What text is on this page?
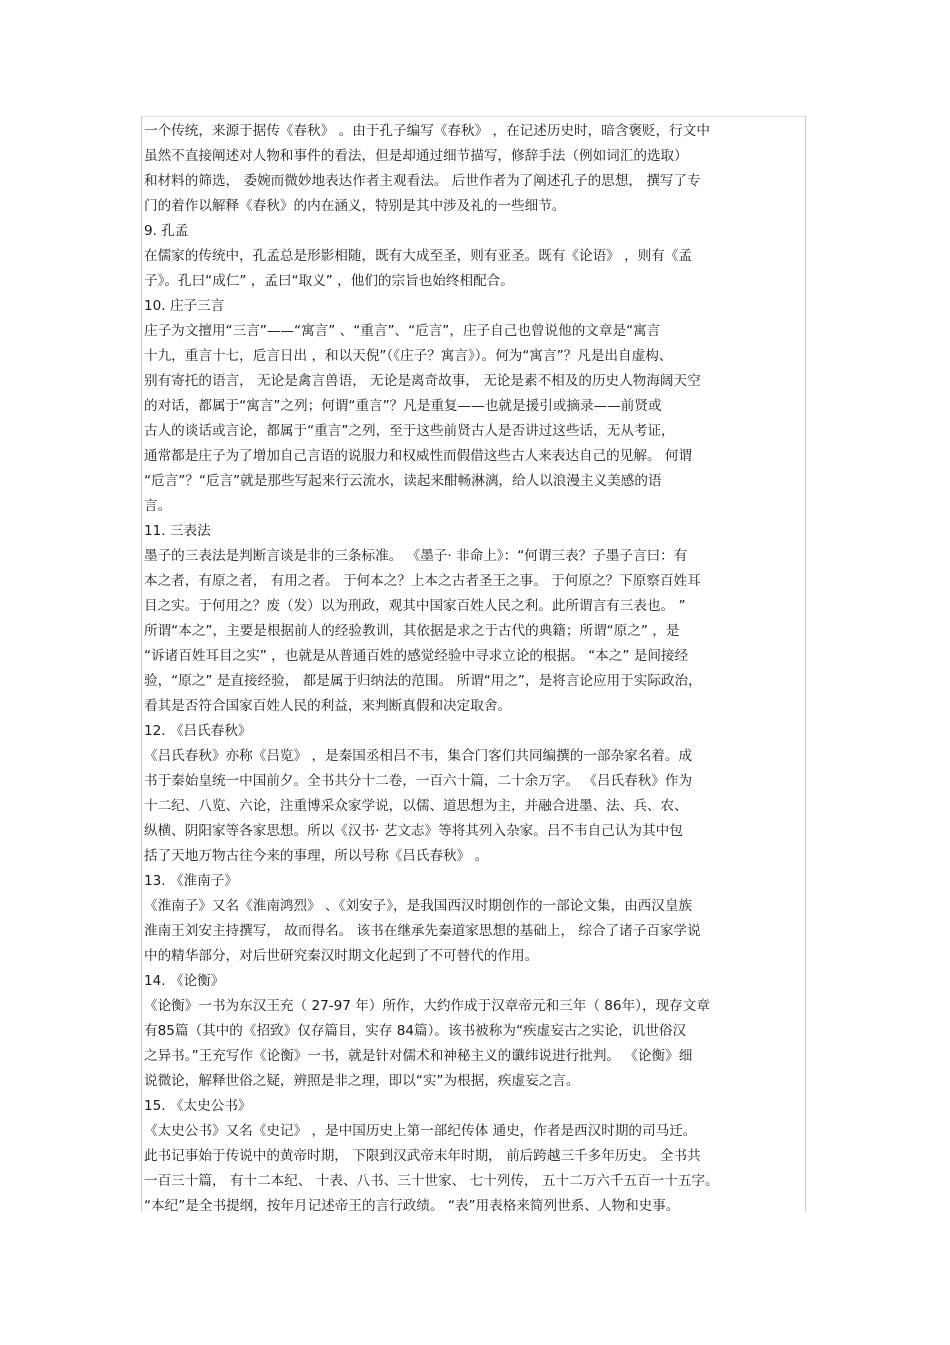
一个传统，来源于据传《春秋》 。由于孔子编写《春秋》 ，在记述历史时，暗含褒贬，行文中
虽然不直接阐述对人物和事件的看法，但是却通过细节描写，修辞手法（例如词汇的选取）
和材料的筛选， 委婉而微妙地表达作者主观看法。 后世作者为了阐述孔子的思想， 撰写了专
门的着作以解释《春秋》的内在涵义，特别是其中涉及礼的一些细节。
9. 孔孟
在儒家的传统中，孔孟总是形影相随，既有大成至圣，则有亚圣。既有《论语》 ，则有《孟
子》。孔曰“成仁” ，孟曰“取义” ，他们的宗旨也始终相配合。
10. 庄子三言
庄子为文擅用“三言”——“寓言” 、“重言”、“卮言”，庄子自己也曾说他的文章是“寓言
十九，重言十七，卮言日出 ，和以天倪”（《庄子？寓言》）。何为“寓言”？凡是出自虚构、
别有寄托的语言， 无论是禽言兽语， 无论是离奇故事， 无论是素不相及的历史人物海阔天空
的对话，都属于“寓言”之列；何谓“重言”？凡是重复——也就是援引或摘录——前贤或
古人的谈话或言论，都属于“重言”之列，至于这些前贤古人是否讲过这些话，无从考证，
通常都是庄子为了增加自己言语的说服力和权威性而假借这些古人来表达自己的见解。 何谓
“卮言”？“卮言”就是那些写起来行云流水，读起来酣畅淋漓，给人以浪漫主义美感的语
言。
11. 三表法
墨子的三表法是判断言谈是非的三条标准。 《墨子· 非命上》：“何谓三表？子墨子言曰：有
本之者，有原之者， 有用之者。 于何本之？上本之古者圣王之事。 于何原之？下原察百姓耳
目之实。于何用之？废（发）以为刑政，观其中国家百姓人民之利。此所谓言有三表也。 ”
所谓“本之”，主要是根据前人的经验教训，其依据是求之于古代的典籍；所谓“原之” ，是
“诉诸百姓耳目之实” ，也就是从普通百姓的感觉经验中寻求立论的根据。 “本之” 是间接经
验，“原之” 是直接经验， 都是属于归纳法的范围。 所谓“用之”，是将言论应用于实际政治，
看其是否符合国家百姓人民的利益，来判断真假和决定取舍。
12. 《吕氏春秋》
《吕氏春秋》亦称《吕览》 ，是秦国丞相吕不韦，集合门客们共同编撰的一部杂家名着。成
书于秦始皇统一中国前夕。全书共分十二卷，一百六十篇，二十余万字。 《吕氏春秋》作为
十二纪、八览、六论，注重博采众家学说，以儒、道思想为主，并融合进墨、法、兵、农、
纵横、阴阳家等各家思想。所以《汉书· 艺文志》等将其列入杂家。吕不韦自己认为其中包
括了天地万物古往今来的事理，所以号称《吕氏春秋》 。
13. 《淮南子》
《淮南子》又名《淮南鸿烈》 、《刘安子》，是我国西汉时期创作的一部论文集，由西汉皇族
淮南王刘安主持撰写， 故而得名。 该书在继承先秦道家思想的基础上， 综合了诸子百家学说
中的精华部分，对后世研究秦汉时期文化起到了不可替代的作用。
14. 《论衡》
《论衡》一书为东汉王充（ 27-97 年）所作，大约作成于汉章帝元和三年（ 86年），现存文章
有85篇（其中的《招致》仅存篇目，实存 84篇）。该书被称为“疾虚妄古之实论，讥世俗汉
之异书。”王充写作《论衡》一书，就是针对儒术和神秘主义的谶纬说进行批判。 《论衡》细
说微论，解释世俗之疑，辨照是非之理，即以“实”为根据，疾虚妄之言。
15. 《太史公书》
《太史公书》又名《史记》 ，是中国历史上第一部纪传体 通史，作者是西汉时期的司马迁。
此书记事始于传说中的黄帝时期， 下限到汉武帝末年时期， 前后跨越三千多年历史。 全书共
一百三十篇， 有十二本纪、 十表、八书、三十世家、 七十列传， 五十二万六千五百一十五字。
“本纪”是全书提纲，按年月记述帝王的言行政绩。 “表”用表格来简列世系、人物和史事。
